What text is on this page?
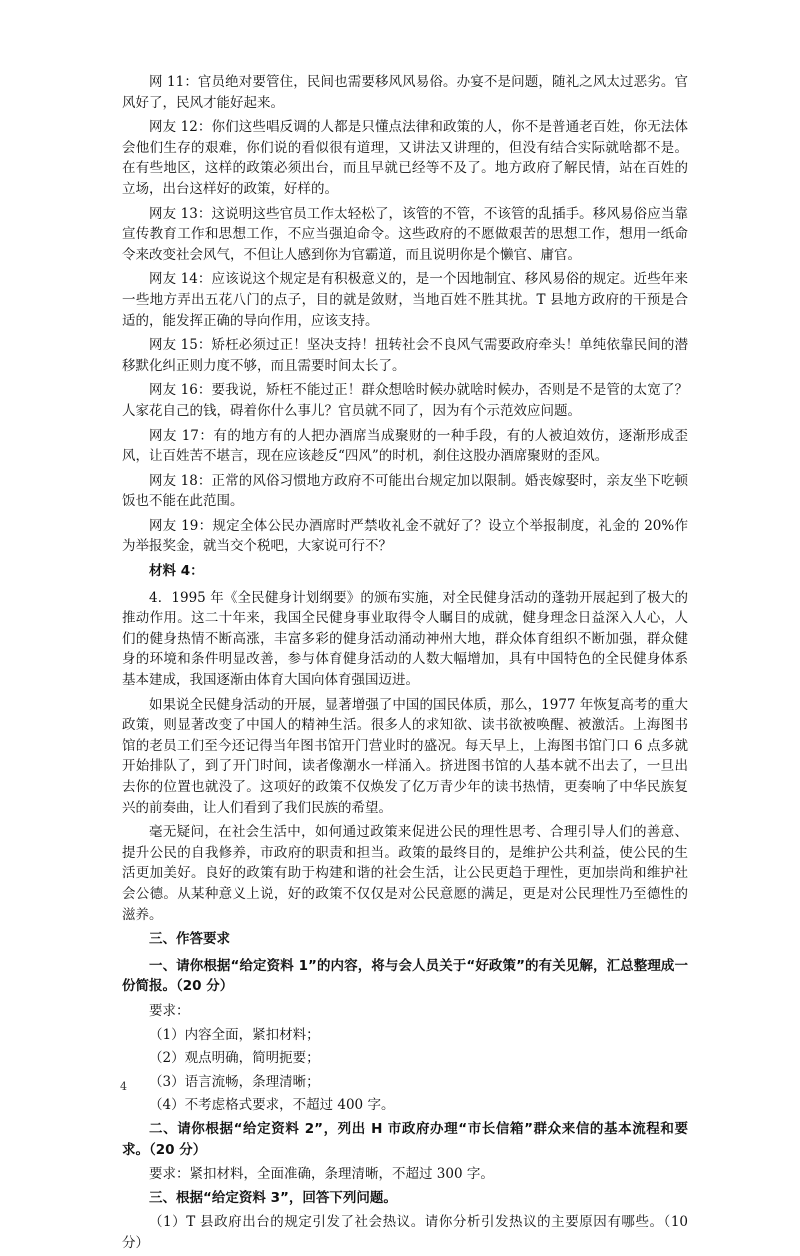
网 11：官员绝对要管住，民间也需要移风风易俗。办宴不是问题，随礼之风太过恶劣。官风好了，民风才能好起来。

网友 12：你们这些唱反调的人都是只懂点法律和政策的人，你不是普通老百姓，你无法体会他们生存的艰难，你们说的看似很有道理，又讲法又讲理的，但没有结合实际就啥都不是。在有些地区，这样的政策必须出台，而且早就已经等不及了。地方政府了解民情，站在百姓的立场，出台这样好的政策，好样的。

网友 13：这说明这些官员工作太轻松了，该管的不管，不该管的乱插手。移风易俗应当靠宣传教育工作和思想工作，不应当强迫命令。这些政府的不愿做艰苦的思想工作，想用一纸命令来改变社会风气，不但让人感到你为官霸道，而且说明你是个懒官、庸官。

网友 14：应该说这个规定是有积极意义的，是一个因地制宜、移风易俗的规定。近些年来一些地方弄出五花八门的点子，目的就是敛财，当地百姓不胜其扰。T 县地方政府的干预是合适的，能发挥正确的导向作用，应该支持。

网友 15：矫枉必须过正！坚决支持！扭转社会不良风气需要政府牵头！单纯依靠民间的潜移默化纠正则力度不够，而且需要时间太长了。

网友 16：要我说，矫枉不能过正！群众想啥时候办就啥时候办，否则是不是管的太宽了？人家花自己的钱，碍着你什么事儿？官员就不同了，因为有个示范效应问题。

网友 17：有的地方有的人把办酒席当成聚财的一种手段，有的人被迫效仿，逐渐形成歪风，让百姓苦不堪言，现在应该趁反“四风”的时机，刹住这股办酒席聚财的歪风。

网友 18：正常的风俗习惯地方政府不可能出台规定加以限制。婚丧嫁娶时，亲友坐下吃顿饭也不能在此范围。

网友 19：规定全体公民办酒席时严禁收礼金不就好了？设立个举报制度，礼金的 20%作为举报奖金，就当交个税吧，大家说可行不？

材料 4：

4．1995 年《全民健身计划纲要》的颁布实施，对全民健身活动的蓬勃开展起到了极大的推动作用。这二十年来，我国全民健身事业取得令人瞩目的成就，健身理念日益深入人心，人们的健身热情不断高涨，丰富多彩的健身活动涌动神州大地，群众体育组织不断加强，群众健身的环境和条件明显改善，参与体育健身活动的人数大幅增加，具有中国特色的全民健身体系基本建成，我国逐渐由体育大国向体育强国迈进。

如果说全民健身活动的开展，显著增强了中国的国民体质，那么，1977 年恢复高考的重大政策，则显著改变了中国人的精神生活。很多人的求知欲、读书欲被唤醒、被激活。上海图书馆的老员工们至今还记得当年图书馆开门营业时的盛况。每天早上，上海图书馆门口 6 点多就开始排队了，到了开门时间，读者像潮水一样涌入。挤进图书馆的人基本就不出去了，一旦出去你的位置也就没了。这项好的政策不仅焕发了亿万青少年的读书热情，更奏响了中华民族复兴的前奏曲，让人们看到了我们民族的希望。

毫无疑问，在社会生活中，如何通过政策来促进公民的理性思考、合理引导人们的善意、提升公民的自我修养，市政府的职责和担当。政策的最终目的，是维护公共利益，使公民的生活更加美好。良好的政策有助于构建和谐的社会生活，让公民更趋于理性，更加崇尚和维护社会公德。从某种意义上说，好的政策不仅仅是对公民意愿的满足，更是对公民理性乃至德性的滋养。

三、作答要求

一、请你根据“给定资料 1”的内容，将与会人员关于“好政策”的有关见解，汇总整理成一份简报。（20 分）

要求：

（1）内容全面，紧扣材料；

（2）观点明确，简明扼要；

（3）语言流畅，条理清晰；

（4）不考虑格式要求，不超过 400 字。

二、请你根据“给定资料 2”，列出 H 市政府办理“市长信箱”群众来信的基本流程和要求。（20 分）

要求：紧扣材料，全面准确，条理清晰，不超过 300 字。

三、根据“给定资料 3”，回答下列问题。

（1）T 县政府出台的规定引发了社会热议。请你分析引发热议的主要原因有哪些。（10 分）

4
